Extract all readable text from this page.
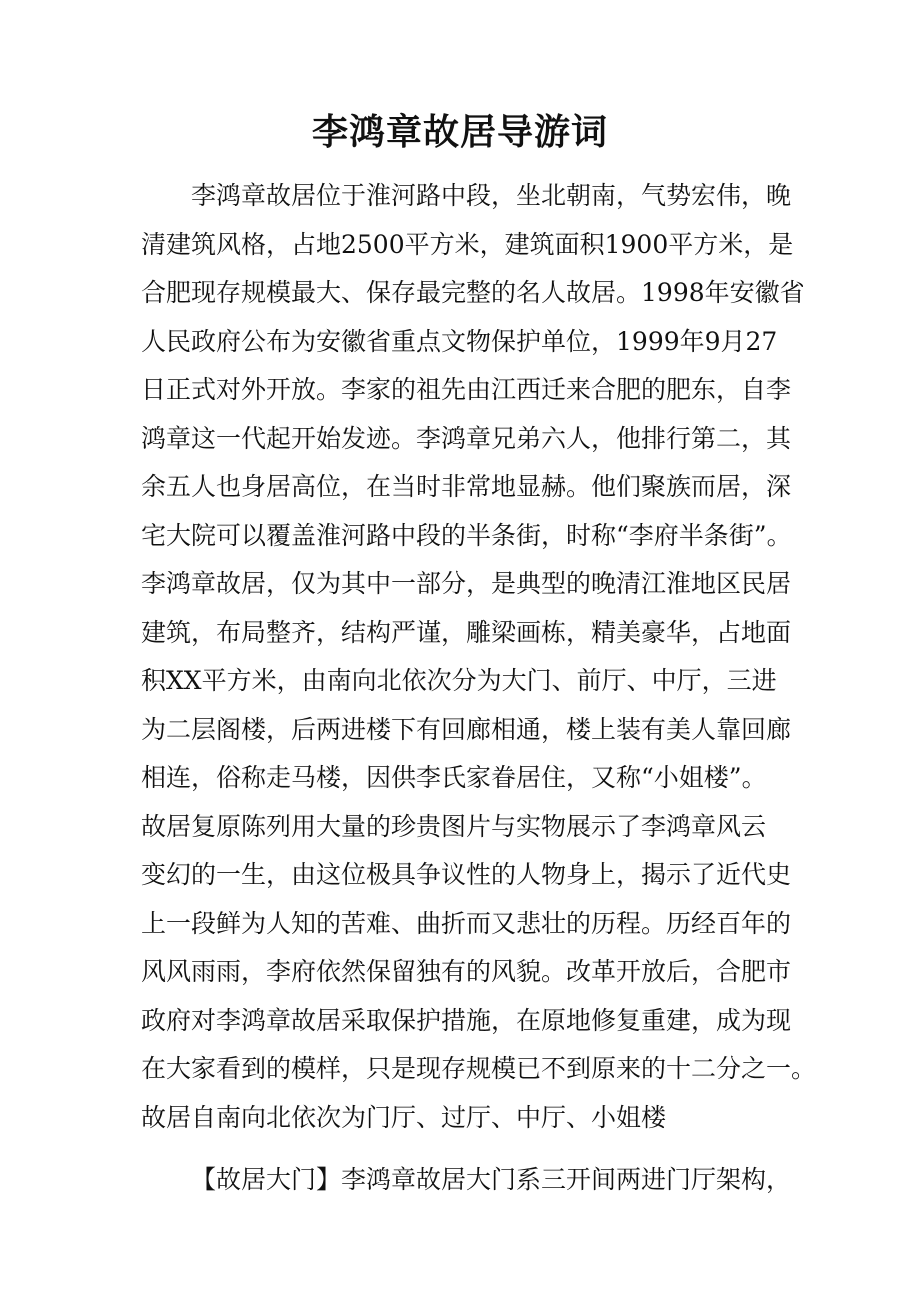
李鸿章故居导游词
李鸿章故居位于淮河路中段，坐北朝南，气势宏伟，晚
清建筑风格，占地2500平方米，建筑面积1900平方米，是
合肥现存规模最大、保存最完整的名人故居。1998年安徽省
人民政府公布为安徽省重点文物保护单位，1999年9月27
日正式对外开放。李家的祖先由江西迁来合肥的肥东，自李
鸿章这一代起开始发迹。李鸿章兄弟六人，他排行第二，其
余五人也身居高位，在当时非常地显赫。他们聚族而居，深
宅大院可以覆盖淮河路中段的半条街，时称“李府半条街”。
李鸿章故居，仅为其中一部分，是典型的晚清江淮地区民居
建筑，布局整齐，结构严谨，雕梁画栋，精美豪华，占地面
积XX平方米，由南向北依次分为大门、前厅、中厅，三进
为二层阁楼，后两进楼下有回廊相通，楼上装有美人靠回廊
相连，俗称走马楼，因供李氏家眷居住，又称“小姐楼”。
故居复原陈列用大量的珍贵图片与实物展示了李鸿章风云
变幻的一生，由这位极具争议性的人物身上，揭示了近代史
上一段鲜为人知的苦难、曲折而又悲壮的历程。历经百年的
风风雨雨，李府依然保留独有的风貌。改革开放后，合肥市
政府对李鸿章故居采取保护措施，在原地修复重建，成为现
在大家看到的模样，只是现存规模已不到原来的十二分之一。
故居自南向北依次为门厅、过厅、中厅、小姐楼
【故居大门】李鸿章故居大门系三开间两进门厅架构，
